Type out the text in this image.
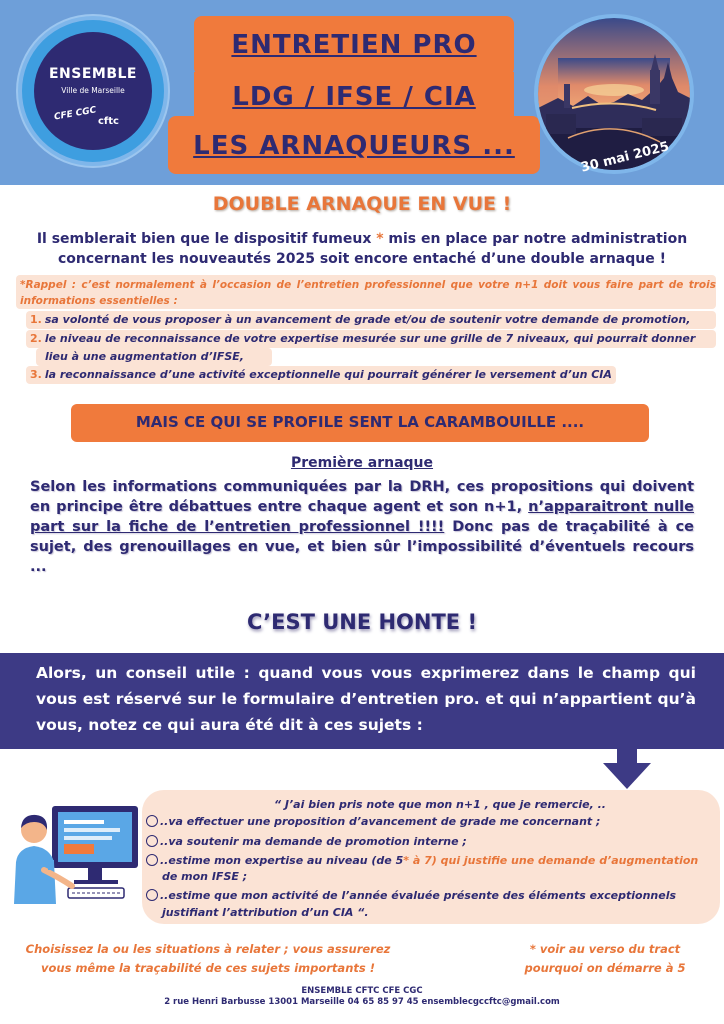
ENSEMBLE
Ville de Marseille
CFE CGC cftc
ENTRETIEN PRO
LDG / IFSE / CIA
LES ARNAQUEURS ...	30 mai 2025
DOUBLE ARNAQUE EN VUE !
Il semblerait bien que le dispositif fumeux * mis en place par notre administration concernant les nouveautés 2025 soit encore entaché d’une double arnaque !
*Rappel : c’est normalement à l’occasion de l’entretien professionnel que votre n+1 doit vous faire part de trois informations essentielles :
1. sa volonté de vous proposer à un avancement de grade et/ou de soutenir votre demande de promotion,
2. le niveau de reconnaissance de votre expertise mesurée sur une grille de 7 niveaux, qui pourrait donner
lieu à une augmentation d’IFSE,
3. la reconnaissance d’une activité exceptionnelle qui pourrait générer le versement d’un CIA
MAIS CE QUI SE PROFILE SENT LA CARAMBOUILLE ....
Première arnaque
Selon les informations communiquées par la DRH, ces propositions qui doivent en principe être débattues entre chaque agent et son n+1, n’apparaitront nulle part sur la fiche de l’entretien professionnel !!!! Donc pas de traçabilité à ce sujet, des grenouillages en vue, et bien sûr l’impossibilité d’éventuels recours ...
C’EST UNE HONTE !
Alors, un conseil utile : quand vous vous exprimerez dans le champ qui vous est réservé sur le formulaire d’entretien pro. et qui n’appartient qu’à vous, notez ce qui aura été dit à ces sujets :
“ J’ai bien pris note que mon n+1 , que je remercie, ..
..va effectuer une proposition d’avancement de grade me concernant ;
..va soutenir ma demande de promotion interne ;
..estime mon expertise au niveau (de 5* à 7) qui justifie une demande d’augmentation
de mon IFSE ;
..estime que mon activité de l’année évaluée présente des éléments exceptionnels
justifiant l’attribution d’un CIA “.
Choisissez la ou les situations à relater ; vous assurerez vous même la traçabilité de ces sujets importants !
* voir au verso du tract pourquoi on démarre à 5
ENSEMBLE CFTC CFE CGC
2 rue Henri Barbusse 13001 Marseille 04 65 85 97 45 ensemblecgccftc@gmail.com
